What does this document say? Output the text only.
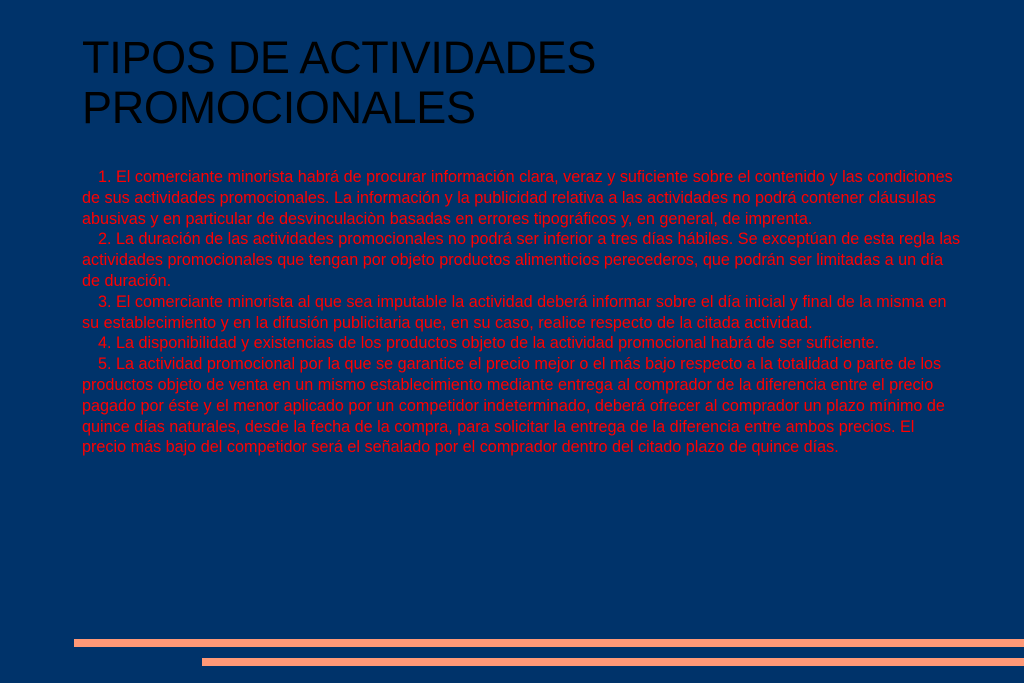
TIPOS DE ACTIVIDADES
PROMOCIONALES

1. El comerciante minorista habrá de procurar información clara, veraz y suficiente sobre el contenido y las condiciones de sus actividades promocionales. La información y la publicidad relativa a las actividades no podrá contener cláusulas abusivas y en particular de desvinculaciòn basadas en errores tipográficos y, en general, de imprenta.

2. La duración de las actividades promocionales no podrá ser inferior a tres días hábiles. Se exceptúan de esta regla las actividades promocionales que tengan por objeto productos alimenticios perecederos, que podrán ser limitadas a un día de duración.

3. El comerciante minorista al que sea imputable la actividad deberá informar sobre el día inicial y final de la misma en su establecimiento y en la difusión publicitaria que, en su caso, realice respecto de la citada actividad.

4. La disponibilidad y existencias de los productos objeto de la actividad promocional habrá de ser suficiente.

5. La actividad promocional por la que se garantice el precio mejor o el más bajo respecto a la totalidad o parte de los productos objeto de venta en un mismo establecimiento mediante entrega al comprador de la diferencia entre el precio pagado por éste y el menor aplicado por un competidor indeterminado, deberá ofrecer al comprador un plazo mínimo de quince días naturales, desde la fecha de la compra, para solicitar la entrega de la diferencia entre ambos precios. El precio más bajo del competidor será el señalado por el comprador dentro del citado plazo de quince días.
